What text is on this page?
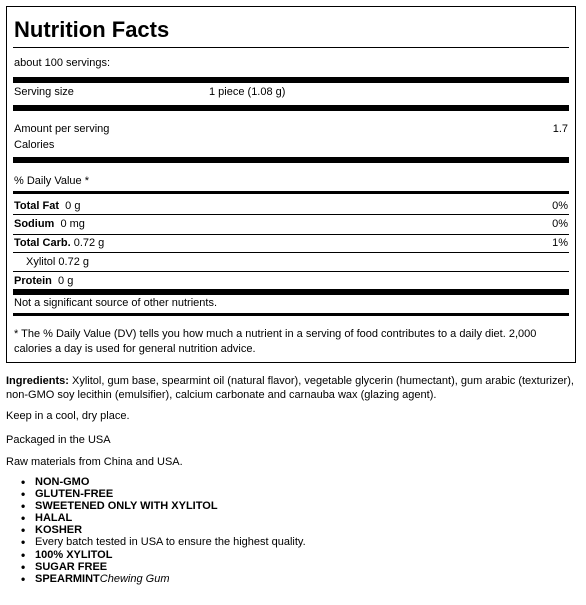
Nutrition Facts
about 100 servings:
Serving size	1 piece (1.08 g)
Amount per serving	1.7
Calories
% Daily Value *
Total Fat 0 g	0%
Sodium 0 mg	0%
Total Carb. 0.72 g	1%
Xylitol 0.72 g
Protein 0 g
Not a significant source of other nutrients.
* The % Daily Value (DV) tells you how much a nutrient in a serving of food contributes to a daily diet. 2,000 calories a day is used for general nutrition advice.
Ingredients: Xylitol, gum base, spearmint oil (natural flavor), vegetable glycerin (humectant), gum arabic (texturizer), non-GMO soy lecithin (emulsifier), calcium carbonate and carnauba wax (glazing agent).
Keep in a cool, dry place.
Packaged in the USA
Raw materials from China and USA.
• NON-GMO
• GLUTEN-FREE
• SWEETENED ONLY WITH XYLITOL
• HALAL
• KOSHER
• Every batch tested in USA to ensure the highest quality.
• 100% XYLITOL
• SUGAR FREE
• SPEARMINTChewing Gum
